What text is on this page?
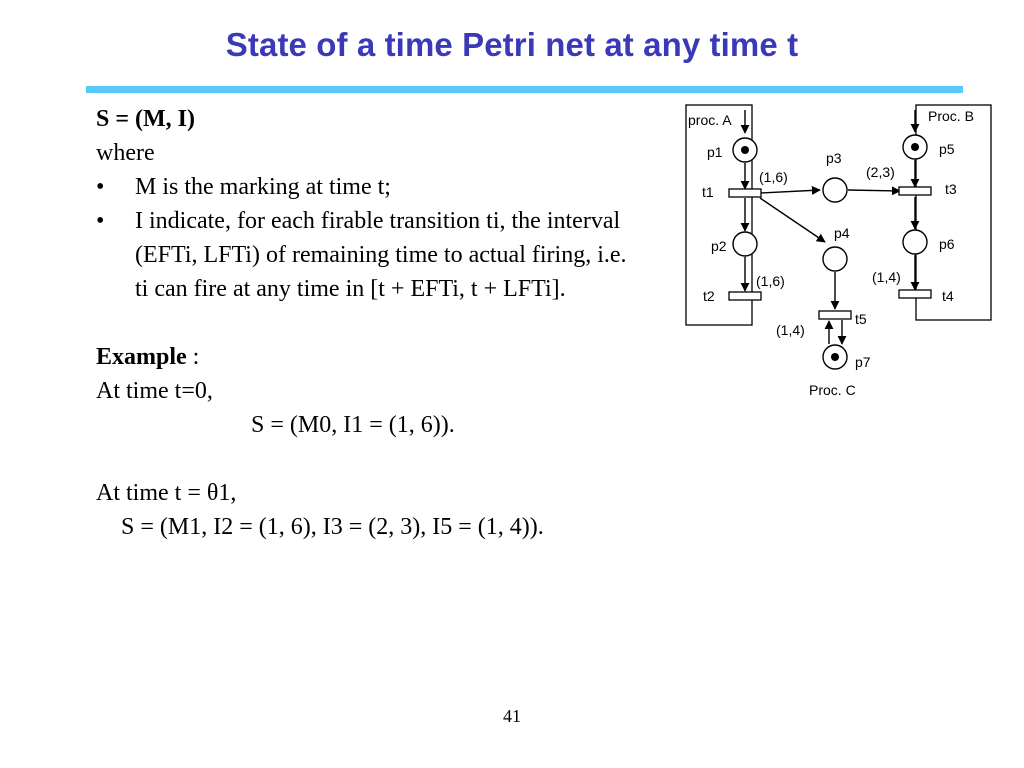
State of a time Petri net at any time t
S = (M, I)
where
• M is the marking at time t;
• I indicate, for each firable transition ti, the interval (EFTi, LFTi) of remaining time to actual firing, i.e. ti can fire at any time in [t + EFTi, t + LFTi].
Example :
At time t=0,
S = (M0, I1 = (1, 6)).
At time t = θ1,
S = (M1, I2 = (1, 6), I3 = (2, 3), I5 = (1, 4)).
proc. A	Proc. B
Proc. C
p1
p2
p3
p4
p5
p6
p7
t1
t2
t3
t4
t5
(1,6)
(1,6)
(2,3)
(1,4)
(1,4)
41
